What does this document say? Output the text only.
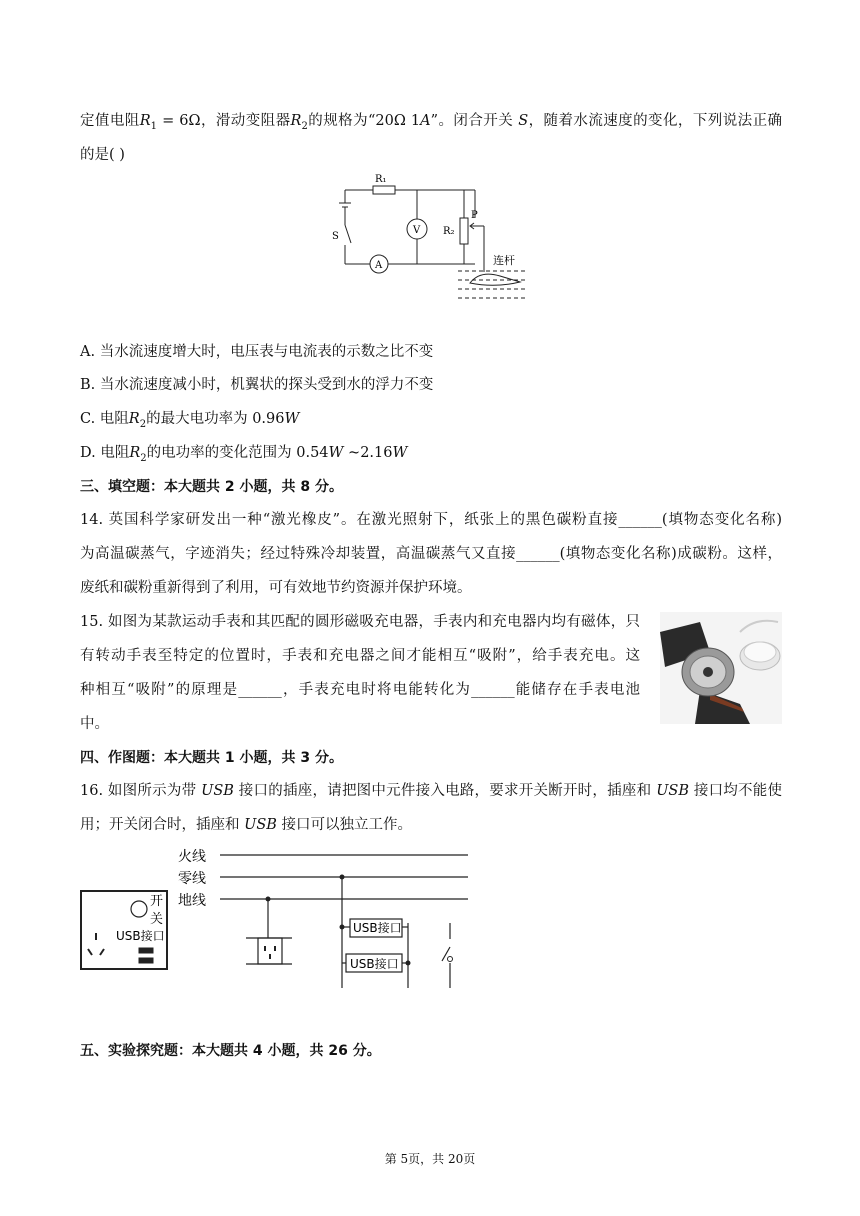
定值电阻$R_1 = 6\Omega$，滑动变阻器$R_2$的规格为“20Ω 1A”。闭合开关 S，随着水流速度的变化，下列说法正确
的是( )
R₁
R₂
P
S
V
A	连杆
A. 当水流速度增大时，电压表与电流表的示数之比不变
B. 当水流速度减小时，机翼状的探头受到水的浮力不变
C. 电阻$R_2$的最大电功率为 0.96W
D. 电阻$R_2$的电功率的变化范围为 0.54W ~2.16W
三、填空题：本大题共 2 小题，共 8 分。
14. 英国科学家研发出一种“激光橡皮”。在激光照射下，纸张上的黑色碳粉直接______(填物态变化名称)
为高温碳蒸气，字迹消失；经过特殊冷却装置，高温碳蒸气又直接______(填物态变化名称)成碳粉。这样，
废纸和碳粉重新得到了利用，可有效地节约资源并保护环境。
15. 如图为某款运动手表和其匹配的圆形磁吸充电器，手表内和充电器内均有磁体，只
有转动手表至特定的位置时，手表和充电器之间才能相互“吸附”，给手表充电。这
种相互“吸附”的原理是______，手表充电时将电能转化为______能储存在手表电池
中。
四、作图题：本大题共 1 小题，共 3 分。
16. 如图所示为带 USB 接口的插座，请把图中元件接入电路，要求开关断开时，插座和 USB 接口均不能使
用；开关闭合时，插座和 USB 接口可以独立工作。
开
关
USB接口
火线
零线
地线
USB接口
USB接口
五、实验探究题：本大题共 4 小题，共 26 分。
第 5页，共 20页
